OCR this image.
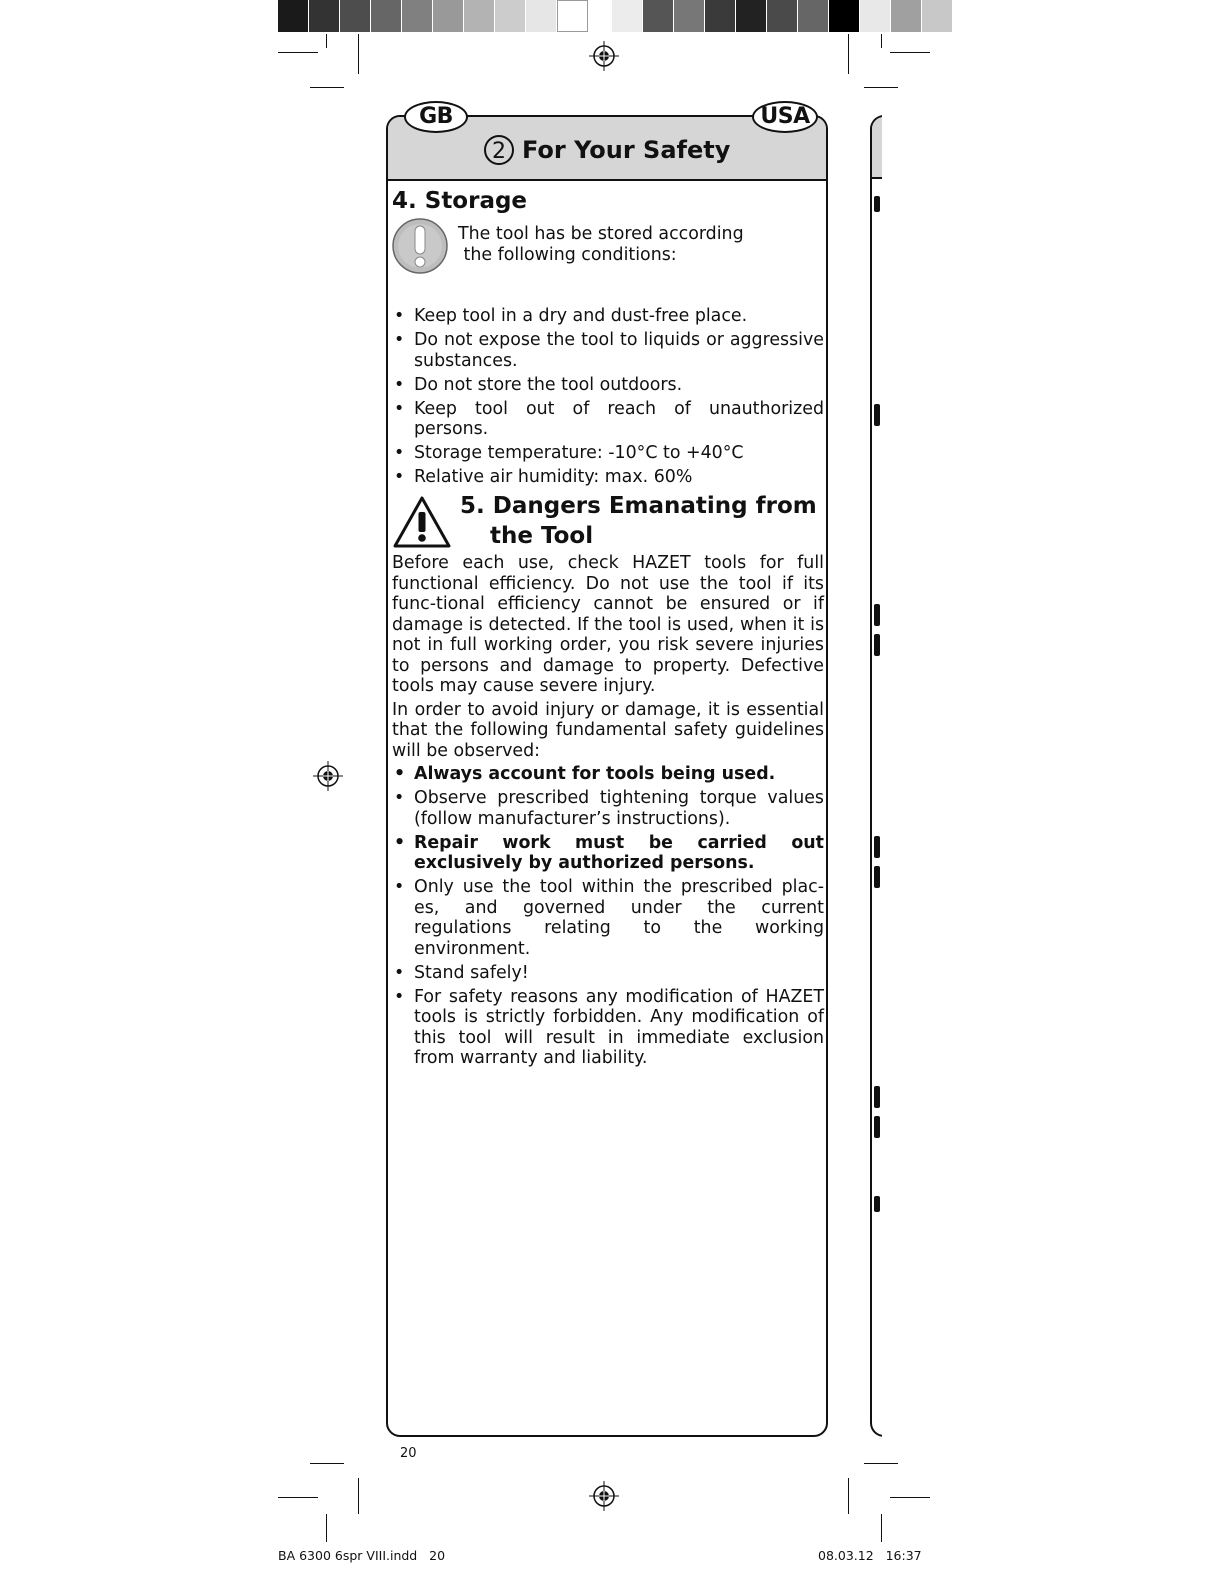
2 For Your Safety
GB	USA
4. Storage
The tool has be stored according
the following conditions:
• Keep tool in a dry and dust-free place.
• Do not expose the tool to liquids or aggressive substances.
• Do not store the tool outdoors.
• Keep tool out of reach of unauthorized persons.
• Storage temperature: -10°C to +40°C
• Relative air humidity: max. 60%
5. Dangers Emanating from
the Tool

Before each use, check HAZET tools for full functional efficiency. Do not use the tool if its func-tional efficiency cannot be ensured or if damage is detected. If the tool is used, when it is not in full working order, you risk severe injuries to persons and damage to property. Defective tools may cause severe injury.

In order to avoid injury or damage, it is essential that the following fundamental safety guidelines will be observed:

• Always account for tools being used.
• Observe prescribed tightening torque values (follow manufacturer’s instructions).
• Repair work must be carried out exclusively by authorized persons.
• Only use the tool within the prescribed plac-es, and governed under the current regulations relating to the working environment.
• Stand safely!
• For safety reasons any modification of HAZET tools is strictly forbidden. Any modification of this tool will result in immediate exclusion from warranty and liability.
20
BA 6300 6spr VIII.indd   20	08.03.12   16:37
